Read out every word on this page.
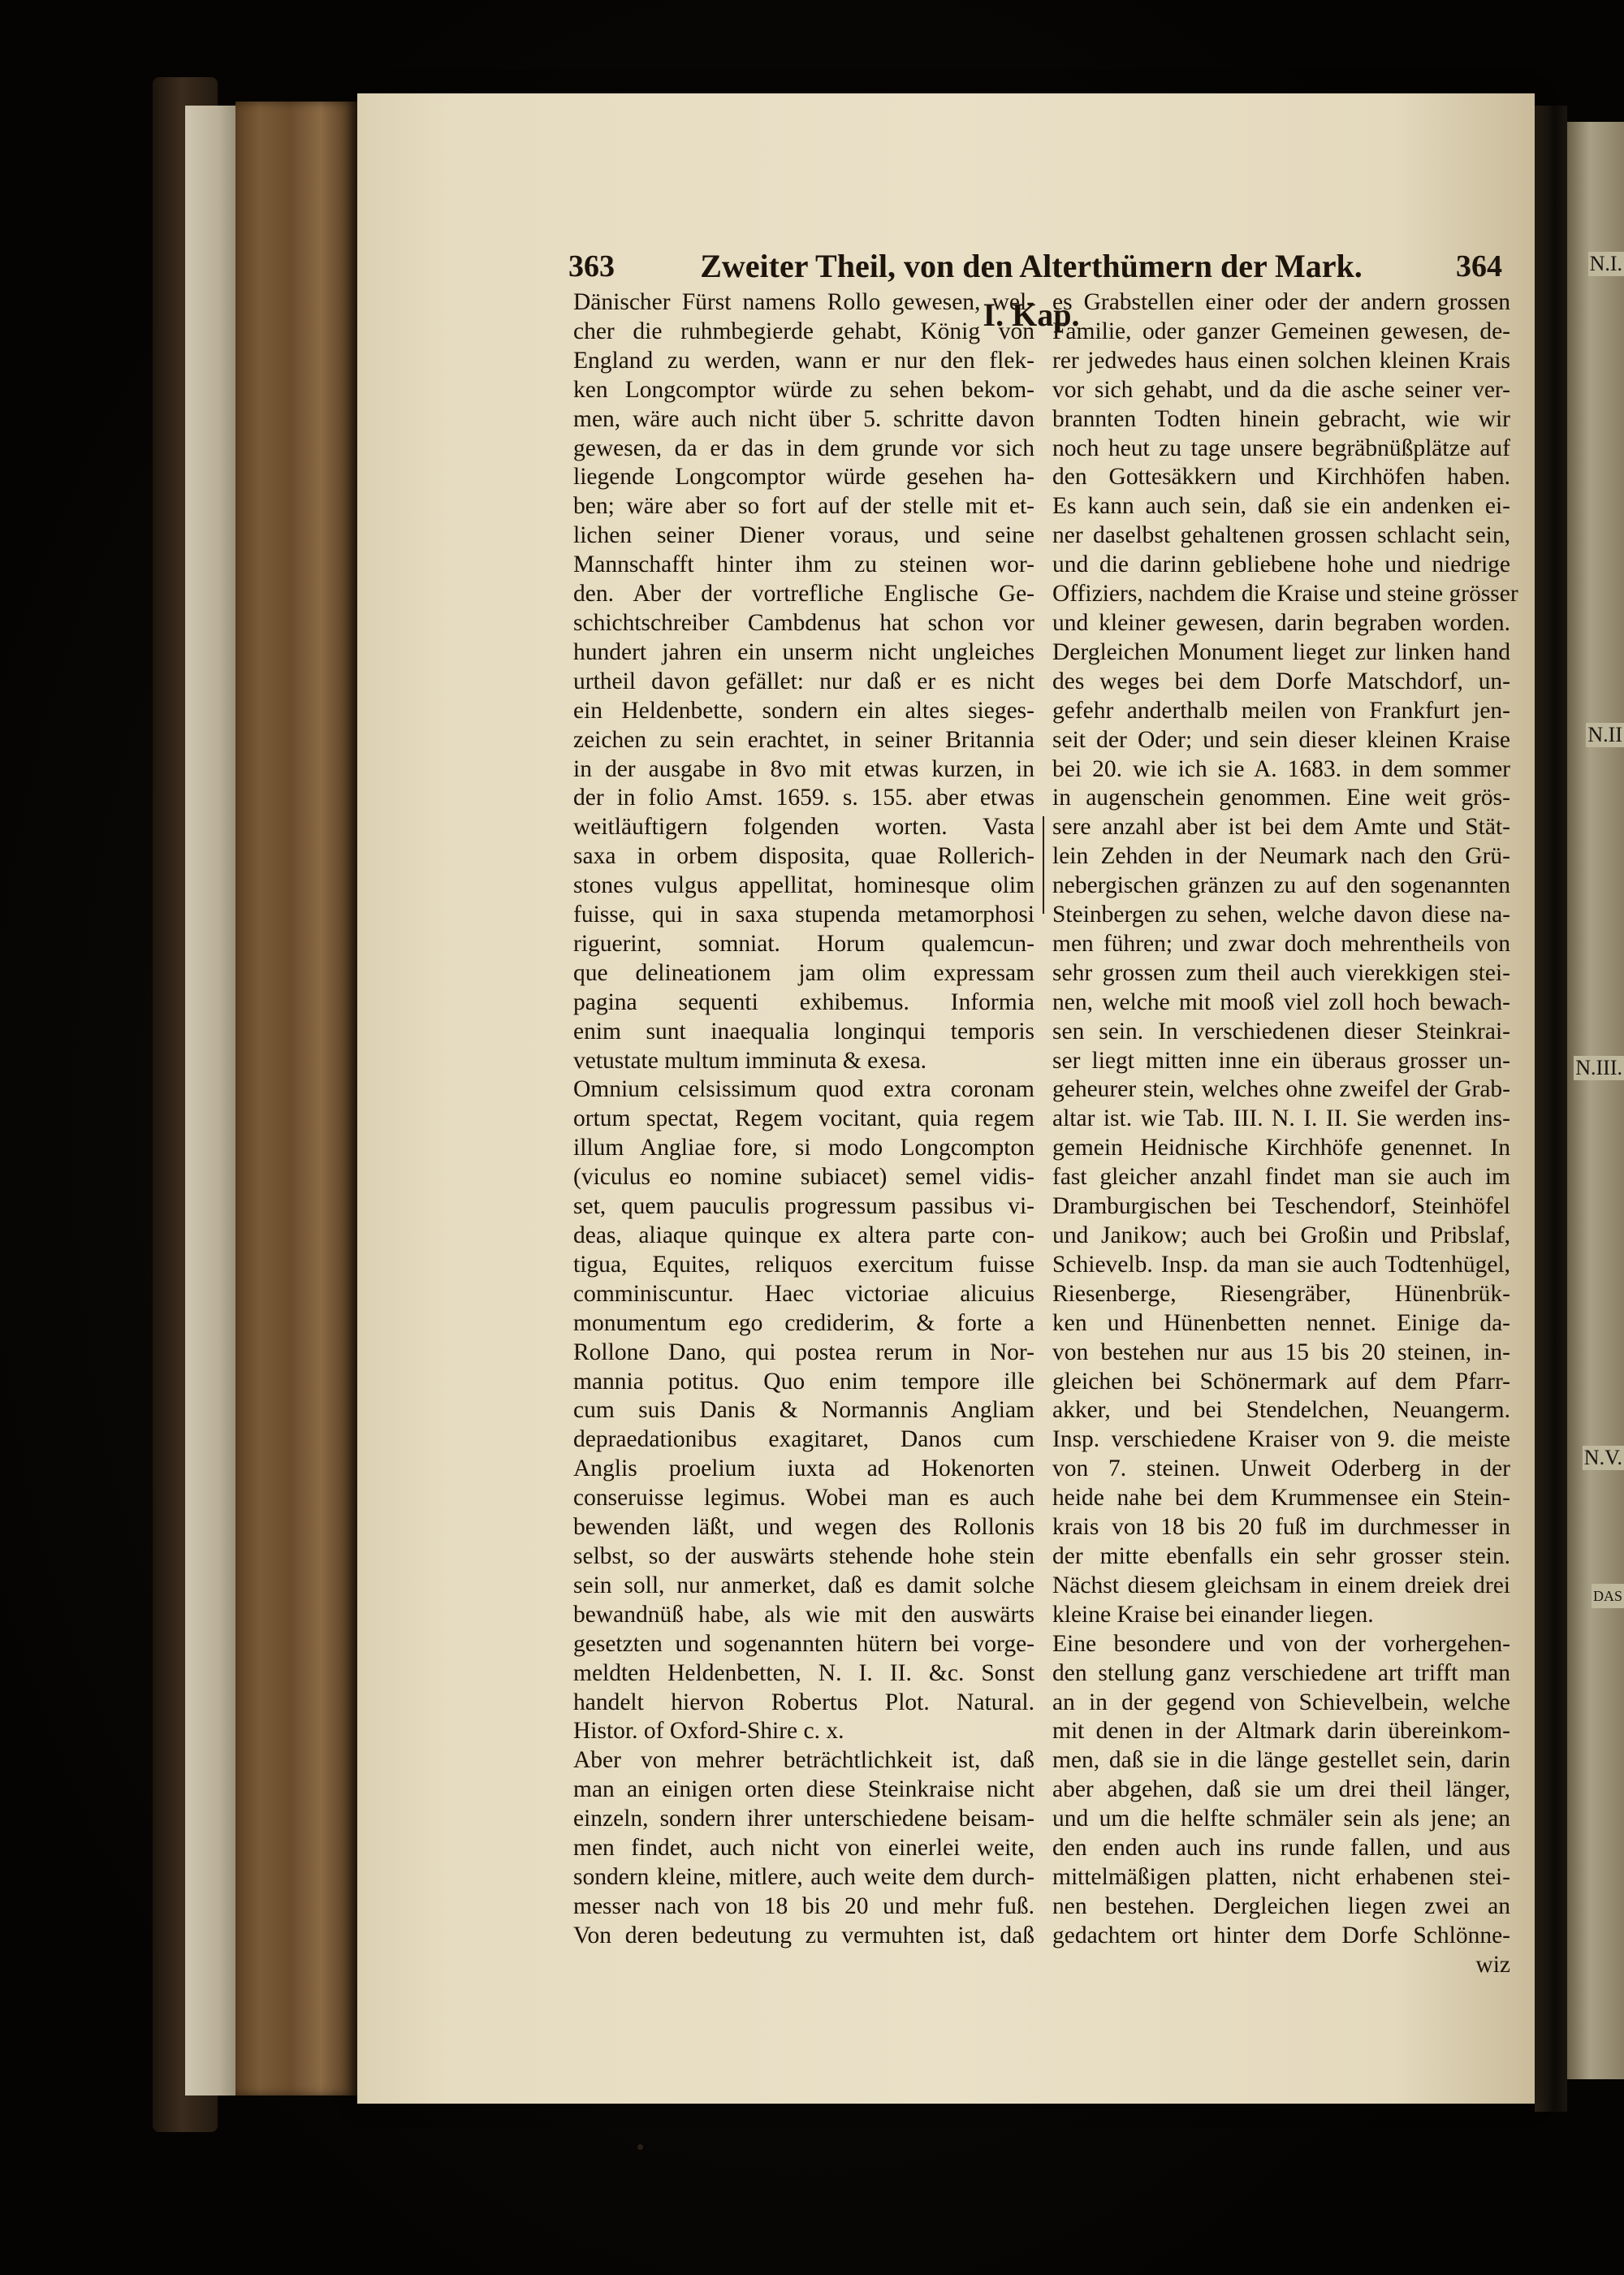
N.I.
N.II
N.III.
N.V.
DAS
363	Zweiter Theil, von den Alterthümern der Mark. I. Kap.
364
Dänischer Fürst namens Rollo gewesen, wel-
cher die ruhmbegierde gehabt, König von
England zu werden, wann er nur den flek-
ken Longcomptor würde zu sehen bekom-
men, wäre auch nicht über 5. schritte davon
gewesen, da er das in dem grunde vor sich
liegende Longcomptor würde gesehen ha-
ben; wäre aber so fort auf der stelle mit et-
lichen seiner Diener voraus, und seine
Mannschafft hinter ihm zu steinen wor-
den. Aber der vortrefliche Englische Ge-
schichtschreiber Cambdenus hat schon vor
hundert jahren ein unserm nicht ungleiches
urtheil davon gefället: nur daß er es nicht
ein Heldenbette, sondern ein altes sieges-
zeichen zu sein erachtet, in seiner Britannia
in der ausgabe in 8vo mit etwas kurzen, in
der in folio Amst. 1659. s. 155. aber etwas
weitläuftigern folgenden worten. Vasta
saxa in orbem disposita, quae Rollerich-
stones vulgus appellitat, hominesque olim
fuisse, qui in saxa stupenda metamorphosi
riguerint, somniat. Horum qualemcun-
que delineationem jam olim expressam
pagina sequenti exhibemus. Informia
enim sunt inaequalia longinqui temporis
vetustate multum imminuta & exesa.
Omnium celsissimum quod extra coronam
ortum spectat, Regem vocitant, quia regem
illum Angliae fore, si modo Longcompton
(viculus eo nomine subiacet) semel vidis-
set, quem pauculis progressum passibus vi-
deas, aliaque quinque ex altera parte con-
tigua, Equites, reliquos exercitum fuisse
comminiscuntur. Haec victoriae alicuius
monumentum ego crediderim, & forte a
Rollone Dano, qui postea rerum in Nor-
mannia potitus. Quo enim tempore ille
cum suis Danis & Normannis Angliam
depraedationibus exagitaret, Danos cum
Anglis proelium iuxta ad Hokenorten
conseruisse legimus. Wobei man es auch
bewenden läßt, und wegen des Rollonis
selbst, so der auswärts stehende hohe stein
sein soll, nur anmerket, daß es damit solche
bewandnüß habe, als wie mit den auswärts
gesetzten und sogenannten hütern bei vorge-
meldten Heldenbetten, N. I. II. &c. Sonst
handelt hiervon Robertus Plot. Natural.
Histor. of Oxford-Shire c. x.
Aber von mehrer beträchtlichkeit ist, daß
man an einigen orten diese Steinkraise nicht
einzeln, sondern ihrer unterschiedene beisam-
men findet, auch nicht von einerlei weite,
sondern kleine, mitlere, auch weite dem durch-
messer nach von 18 bis 20 und mehr fuß.
Von deren bedeutung zu vermuhten ist, daß
es Grabstellen einer oder der andern grossen
Familie, oder ganzer Gemeinen gewesen, de-
rer jedwedes haus einen solchen kleinen Krais
vor sich gehabt, und da die asche seiner ver-
brannten Todten hinein gebracht, wie wir
noch heut zu tage unsere begräbnüßplätze auf
den Gottesäkkern und Kirchhöfen haben.
Es kann auch sein, daß sie ein andenken ei-
ner daselbst gehaltenen grossen schlacht sein,
und die darinn gebliebene hohe und niedrige
Offiziers, nachdem die Kraise und steine grösser
und kleiner gewesen, darin begraben worden.
Dergleichen Monument lieget zur linken hand
des weges bei dem Dorfe Matschdorf, un-
gefehr anderthalb meilen von Frankfurt jen-
seit der Oder; und sein dieser kleinen Kraise
bei 20. wie ich sie A. 1683. in dem sommer
in augenschein genommen. Eine weit grös-
sere anzahl aber ist bei dem Amte und Stät-
lein Zehden in der Neumark nach den Grü-
nebergischen gränzen zu auf den sogenannten
Steinbergen zu sehen, welche davon diese na-
men führen; und zwar doch mehrentheils von
sehr grossen zum theil auch vierekkigen stei-
nen, welche mit mooß viel zoll hoch bewach-
sen sein. In verschiedenen dieser Steinkrai-
ser liegt mitten inne ein überaus grosser un-
geheurer stein, welches ohne zweifel der Grab-
altar ist. wie Tab. III. N. I. II. Sie werden ins-
gemein Heidnische Kirchhöfe genennet. In
fast gleicher anzahl findet man sie auch im
Dramburgischen bei Teschendorf, Steinhöfel
und Janikow; auch bei Großin und Pribslaf,
Schievelb. Insp. da man sie auch Todtenhügel,
Riesenberge, Riesengräber, Hünenbrük-
ken und Hünenbetten nennet. Einige da-
von bestehen nur aus 15 bis 20 steinen, in-
gleichen bei Schönermark auf dem Pfarr-
akker, und bei Stendelchen, Neuangerm.
Insp. verschiedene Kraiser von 9. die meiste
von 7. steinen. Unweit Oderberg in der
heide nahe bei dem Krummensee ein Stein-
krais von 18 bis 20 fuß im durchmesser in
der mitte ebenfalls ein sehr grosser stein.
Nächst diesem gleichsam in einem dreiek drei
kleine Kraise bei einander liegen.
Eine besondere und von der vorhergehen-
den stellung ganz verschiedene art trifft man
an in der gegend von Schievelbein, welche
mit denen in der Altmark darin übereinkom-
men, daß sie in die länge gestellet sein, darin
aber abgehen, daß sie um drei theil länger,
und um die helfte schmäler sein als jene; an
den enden auch ins runde fallen, und aus
mittelmäßigen platten, nicht erhabenen stei-
nen bestehen. Dergleichen liegen zwei an
gedachtem ort hinter dem Dorfe Schlönne-
wiz
